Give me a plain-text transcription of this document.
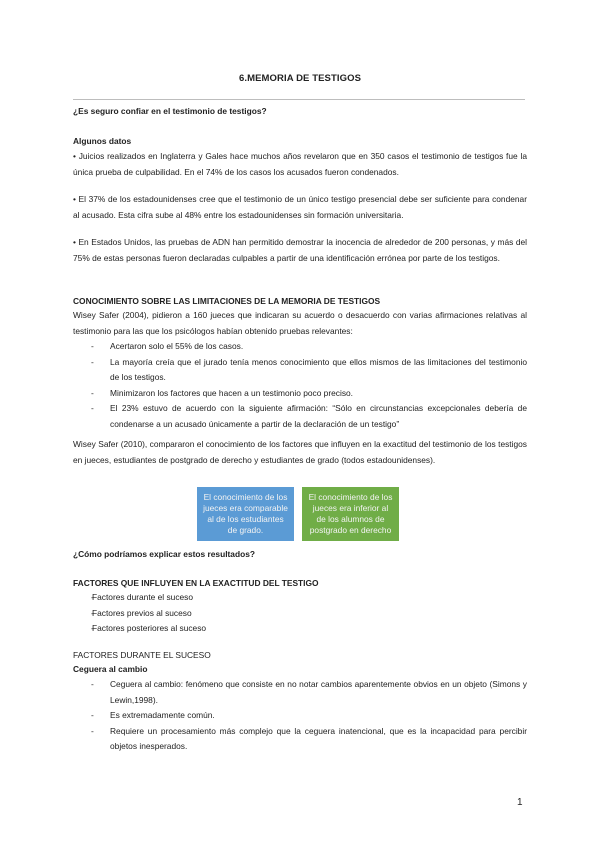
6.MEMORIA DE TESTIGOS
¿Es seguro confiar en el testimonio de testigos?
Algunos datos
• Juicios realizados en Inglaterra y Gales hace muchos años revelaron que en 350 casos el testimonio de testigos fue la única prueba de culpabilidad. En el 74% de los casos los acusados fueron condenados.
• El 37% de los estadounidenses cree que el testimonio de un único testigo presencial debe ser suficiente para condenar al acusado. Esta cifra sube al 48% entre los estadounidenses sin formación universitaria.
• En Estados Unidos, las pruebas de ADN han permitido demostrar la inocencia de alrededor de 200 personas, y más del 75% de estas personas fueron declaradas culpables a partir de una identificación errónea por parte de los testigos.
CONOCIMIENTO SOBRE LAS LIMITACIONES DE LA MEMORIA DE TESTIGOS
Wisey Safer (2004), pidieron a 160 jueces que indicaran su acuerdo o desacuerdo con varias afirmaciones relativas al testimonio para las que los psicólogos habían obtenido pruebas relevantes:
- Acertaron solo el 55% de los casos.
- La mayoría creía que el jurado tenía menos conocimiento que ellos mismos de las limitaciones del testimonio de los testigos.
- Minimizaron los factores que hacen a un testimonio poco preciso.
- El 23% estuvo de acuerdo con la siguiente afirmación: “Sólo en circunstancias excepcionales debería de condenarse a un acusado únicamente a partir de la declaración de un testigo”
Wisey Safer (2010), compararon el conocimiento de los factores que influyen en la exactitud del testimonio de los testigos en jueces, estudiantes de postgrado de derecho y estudiantes de grado (todos estadounidenses).
El conocimiento de los jueces era comparable al de los estudiantes de grado.
El conocimiento de los jueces era inferior al de los alumnos de postgrado en derecho
¿Cómo podríamos explicar estos resultados?
FACTORES QUE INFLUYEN EN LA EXACTITUD DEL TESTIGO
- Factores durante el suceso
- Factores previos al suceso
- Factores posteriores al suceso
FACTORES DURANTE EL SUCESO
Ceguera al cambio
- Ceguera al cambio: fenómeno que consiste en no notar cambios aparentemente obvios en un objeto (Simons y Lewin,1998).
- Es extremadamente común.
- Requiere un procesamiento más complejo que la ceguera inatencional, que es la incapacidad para percibir objetos inesperados.
1
